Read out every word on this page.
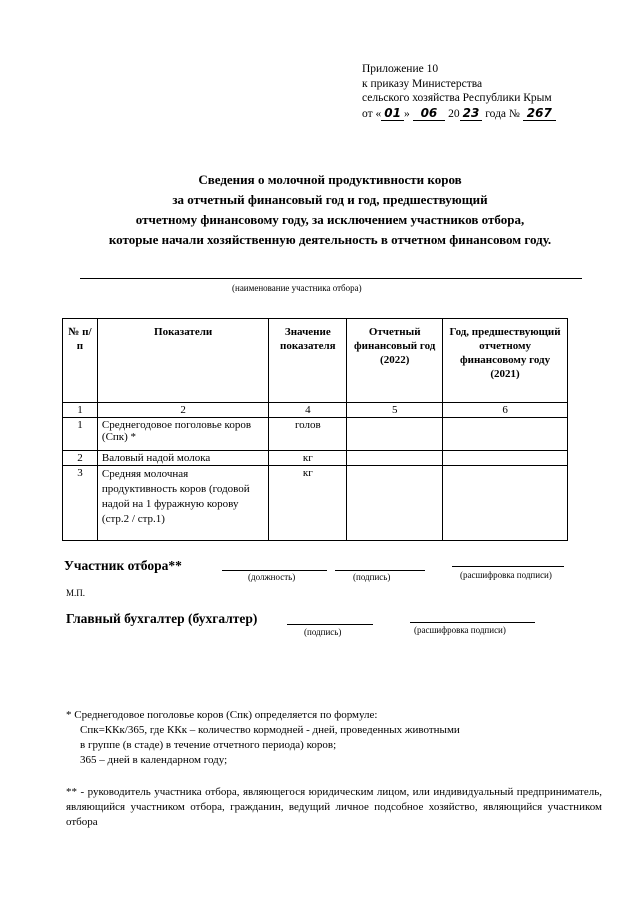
Приложение 10
к приказу Министерства
сельского хозяйства Республики Крым
от « 01 » 06 20 23 года № 267
Сведения о молочной продуктивности коров
за отчетный финансовый год и год, предшествующий
отчетному финансовому году, за исключением участников отбора,
которые начали хозяйственную деятельность в отчетном финансовом году.
(наименование участника отбора)
№ п/п	Показатели	Значение показателя	Отчетный финансовый год (2022)	Год, предшествующий отчетному финансовому году (2021)
1	2	4	5	6
1	Среднегодовое поголовье коров (Спк) *	голов		
2	Валовый надой молока	кг		
3	Средняя молочная продуктивность коров (годовой надой на 1 фуражную корову (стр.2 / стр.1)	кг		
Участник отбора**
(должность)	(подпись)	(расшифровка подписи)
М.П.
Главный бухгалтер (бухгалтер)
(подпись)	(расшифровка подписи)
* Среднегодовое поголовье коров (Спк) определяется по формуле:
Спк=ККк/365, где ККк – количество кормодней - дней, проведенных животными
в группе (в стаде) в течение отчетного периода) коров;
365 – дней в календарном году;
** - руководитель участника отбора, являющегося юридическим лицом, или индивидуальный предприниматель, являющийся участником отбора, гражданин, ведущий личное подсобное хозяйство, являющийся участником отбора
